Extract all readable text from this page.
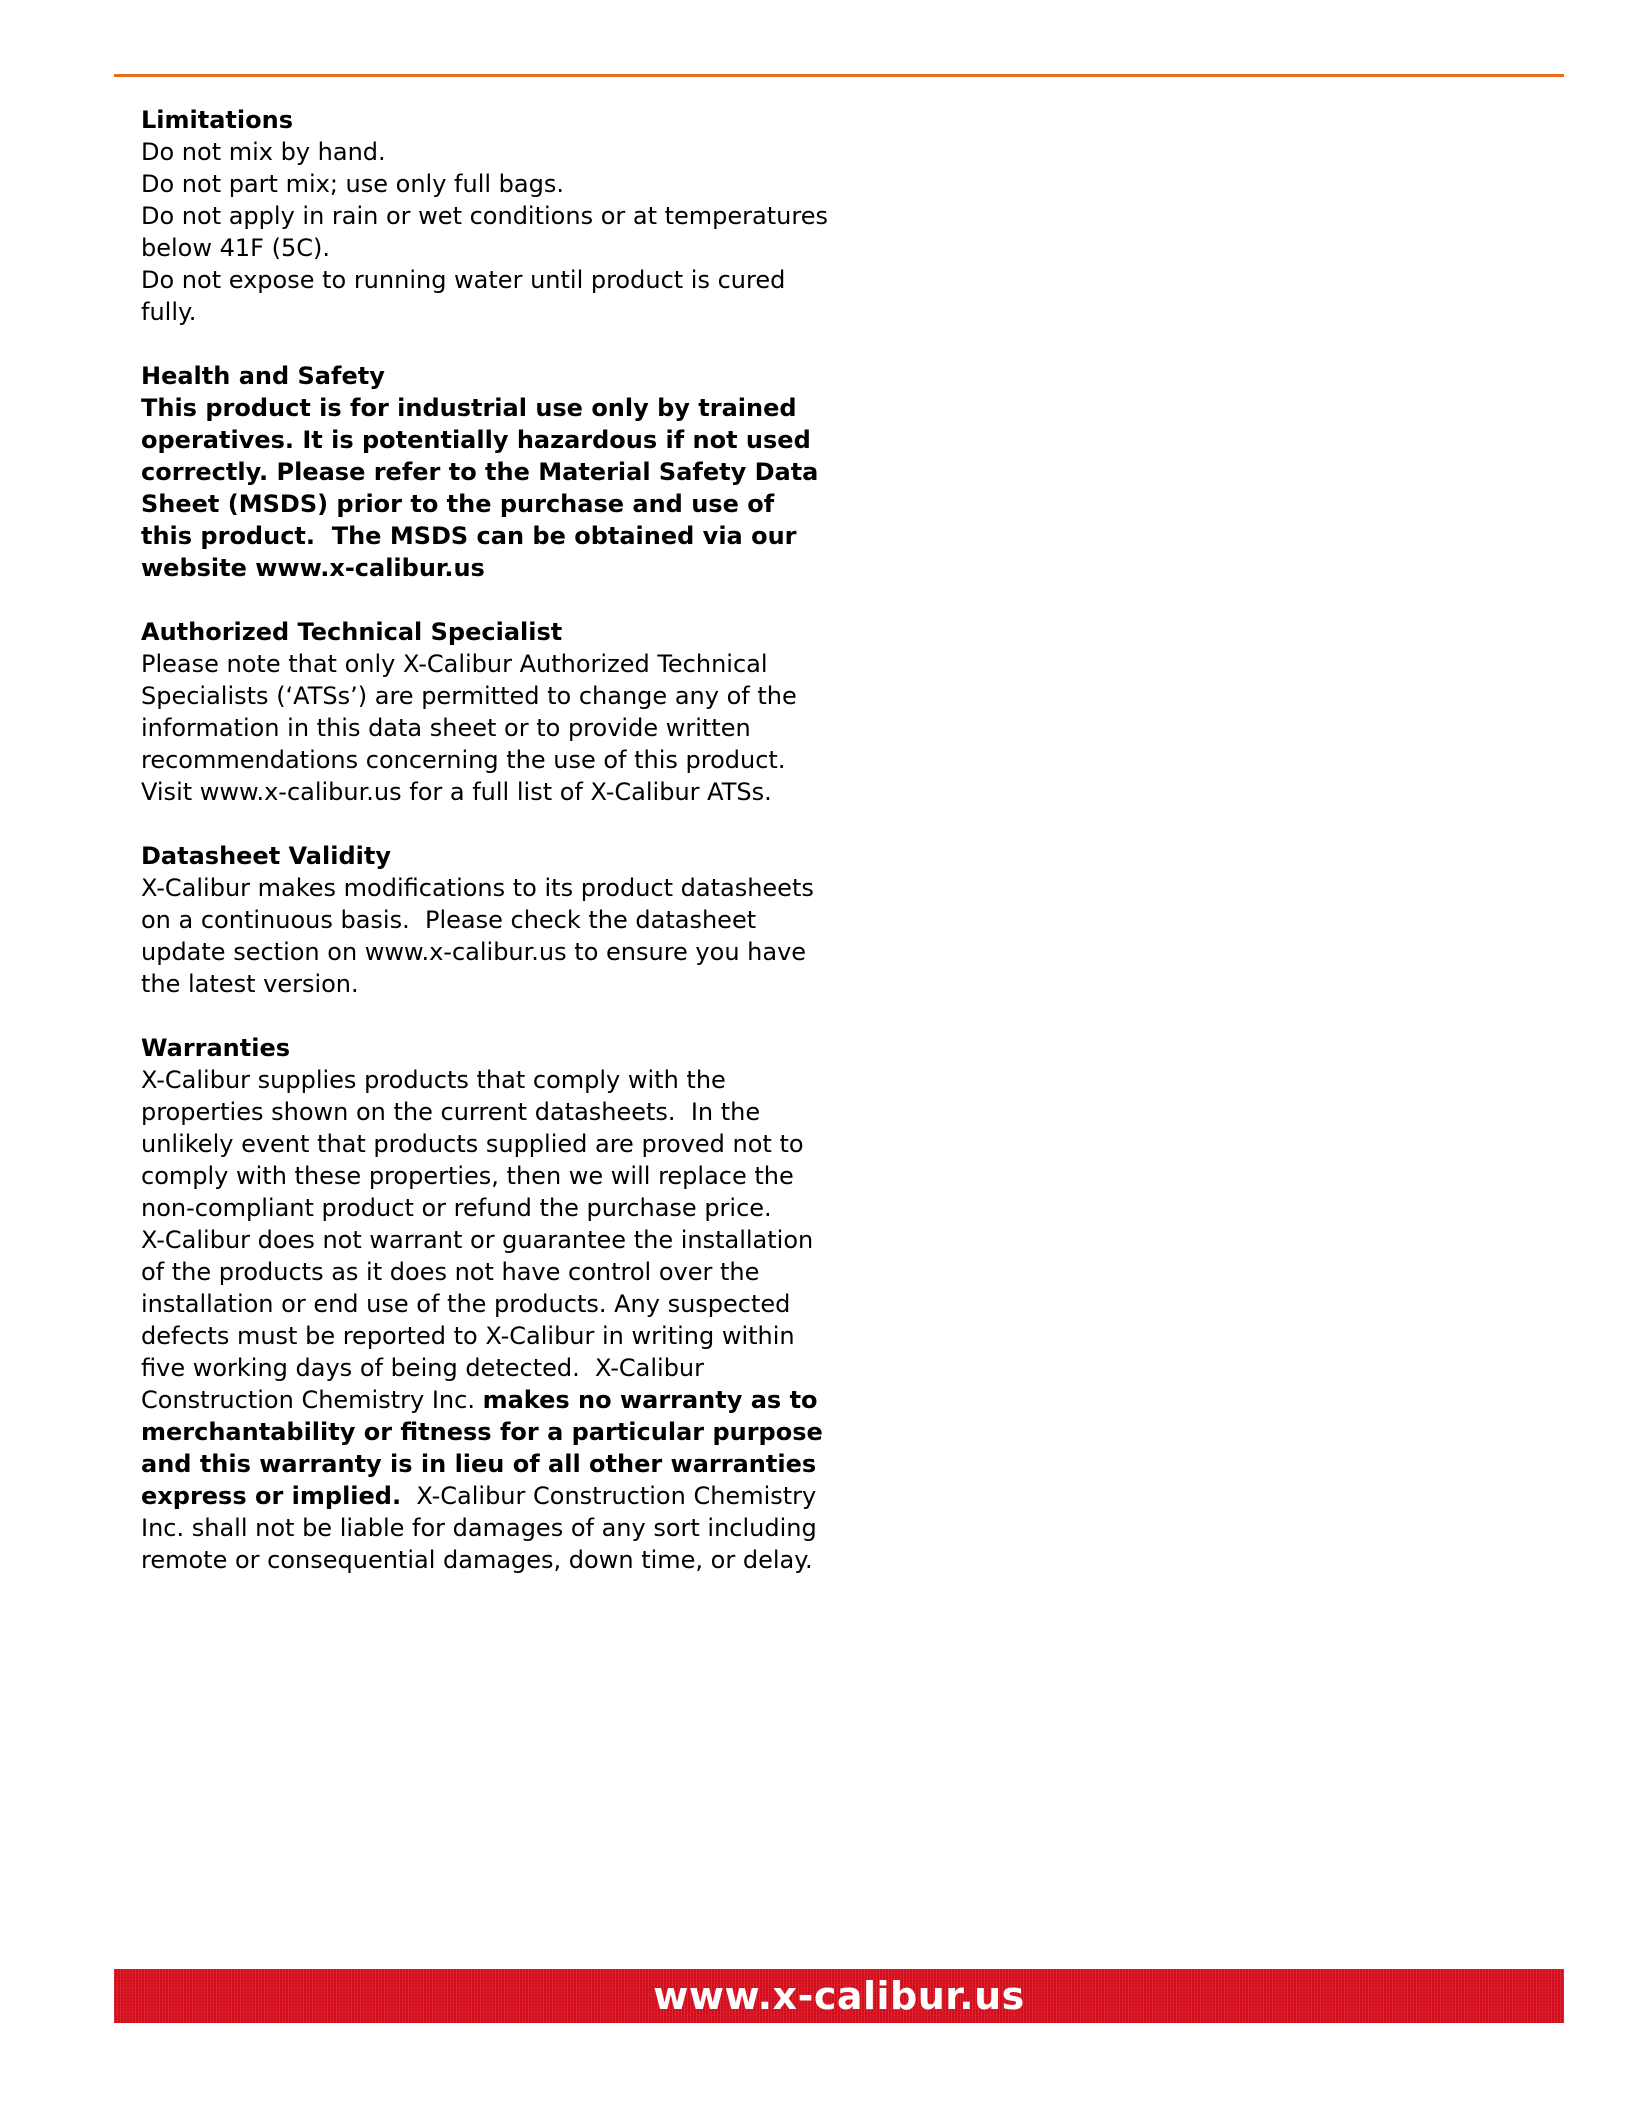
Limitations
Do not mix by hand.
Do not part mix; use only full bags.
Do not apply in rain or wet conditions or at temperatures
below 41F (5C).
Do not expose to running water until product is cured
fully.
Health and Safety
This product is for industrial use only by trained
operatives. It is potentially hazardous if not used
correctly. Please refer to the Material Safety Data
Sheet (MSDS) prior to the purchase and use of
this product.  The MSDS can be obtained via our
website www.x-calibur.us
Authorized Technical Specialist
Please note that only X-Calibur Authorized Technical
Specialists (‘ATSs’) are permitted to change any of the
information in this data sheet or to provide written
recommendations concerning the use of this product.
Visit www.x-calibur.us for a full list of X-Calibur ATSs.
Datasheet Validity
X-Calibur makes modifications to its product datasheets
on a continuous basis.  Please check the datasheet
update section on www.x-calibur.us to ensure you have
the latest version.
Warranties
X-Calibur supplies products that comply with the
properties shown on the current datasheets.  In the
unlikely event that products supplied are proved not to
comply with these properties, then we will replace the
non-compliant product or refund the purchase price.
X-Calibur does not warrant or guarantee the installation
of the products as it does not have control over the
installation or end use of the products. Any suspected
defects must be reported to X-Calibur in writing within
five working days of being detected.  X-Calibur
Construction Chemistry Inc. makes no warranty as to
merchantability or fitness for a particular purpose
and this warranty is in lieu of all other warranties
express or implied.  X-Calibur Construction Chemistry
Inc. shall not be liable for damages of any sort including
remote or consequential damages, down time, or delay.
www.x-calibur.us
